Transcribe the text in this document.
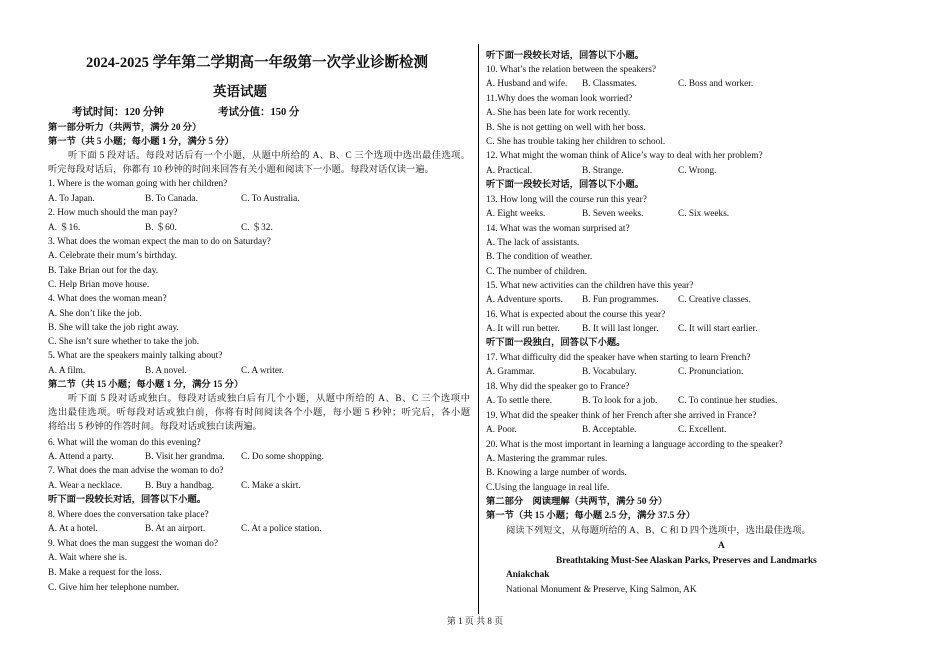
2024-2025 学年第二学期高一年级第一次学业诊断检测
英语试题
考试时间：120 分钟	考试分值：150 分
第一部分听力（共两节，满分 20 分）
第一节（共 5 小题；每小题 1 分，满分 5 分）
听下面 5 段对话。每段对话后有一个小题，从题中所给的 A、B、C 三个选项中选出最佳选项。
听完每段对话后，你都有 10 秒钟的时间来回答有关小题和阅读下一小题。每段对话仅读一遍。
1. Where is the woman going with her children?
A. To Japan.	B. To Canada.	C. To Australia.
2. How much should the man pay?
A. ＄16.	B. ＄60.	C. ＄32.
3. What does the woman expect the man to do on Saturday?
A. Celebrate their mum’s birthday.
B. Take Brian out for the day.
C. Help Brian move house.
4. What does the woman mean?
A. She don’t like the job.
B. She will take the job right away.
C. She isn’t sure whether to take the job.
5. What are the speakers mainly talking about?
A. A film.	B. A novel.	C. A writer.
第二节（共 15 小题；每小题 1 分，满分 15 分）
听下面 5 段对话或独白。每段对话或独白后有几个小题，从题中所给的 A、B、C 三个选项中
选出最佳选项。听每段对话或独白前，你将有时间阅读各个小题，每小题 5 秒钟；听完后，各小题
将给出 5 秒钟的作答时间。每段对话或独白读两遍。
6. What will the woman do this evening?
A. Attend a party.	B. Visit her grandma. C. Do some shopping.
7. What does the man advise the woman to do?
A. Wear a necklace. B. Buy a handbag.	C. Make a skirt.
听下面一段较长对话，回答以下小题。
8. Where does the conversation take place?
A. At a hotel.	B. At an airport.	C. At a police station.
9. What does the man suggest the woman do?
A. Wait where she is.
B. Make a request for the loss.
C. Give him her telephone number.
听下面一段较长对话，回答以下小题。
10. What’s the relation between the speakers?
A. Husband and wife. B. Classmates.	C. Boss and worker.
11.Why does the woman look worried?
A. She has been late for work recently.
B. She is not getting on well with her boss.
C. She has trouble taking her children to school.
12. What might the woman think of Alice’s way to deal with her problem?
A. Practical.	B. Strange.	C. Wrong.
听下面一段较长对话，回答以下小题。
13. How long will the course run this year?
A. Eight weeks.	B. Seven weeks.	C. Six weeks.
14. What was the woman surprised at?
A. The lack of assistants.
B. The condition of weather.
C. The number of children.
15. What new activities can the children have this year?
A. Adventure sports. B. Fun programmes. C. Creative classes.
16. What is expected about the course this year?
A. It will run better. B. It will last longer. C. It will start earlier.
听下面一段独白，回答以下小题。
17. What difficulty did the speaker have when starting to learn French?
A. Grammar.	B. Vocabulary.	C. Pronunciation.
18. Why did the speaker go to France?
A. To settle there.	B. To look for a job. C. To continue her studies.
19. What did the speaker think of her French after she arrived in France?
A. Poor.	B. Acceptable.	C. Excellent.
20. What is the most important in learning a language according to the speaker?
A. Mastering the grammar rules.
B. Knowing a large number of words.
C.Using the language in real life.
第二部分　阅读理解（共两节，满分 50 分）
第一节（共 15 小题；每小题 2.5 分，满分 37.5 分）
阅读下列短文，从每题所给的 A、B、C 和 D 四个选项中，选出最佳选项。
A
Breathtaking Must-See Alaskan Parks, Preserves and Landmarks
Aniakchak
National Monument & Preserve, King Salmon, AK
第 1 页 共 8 页
